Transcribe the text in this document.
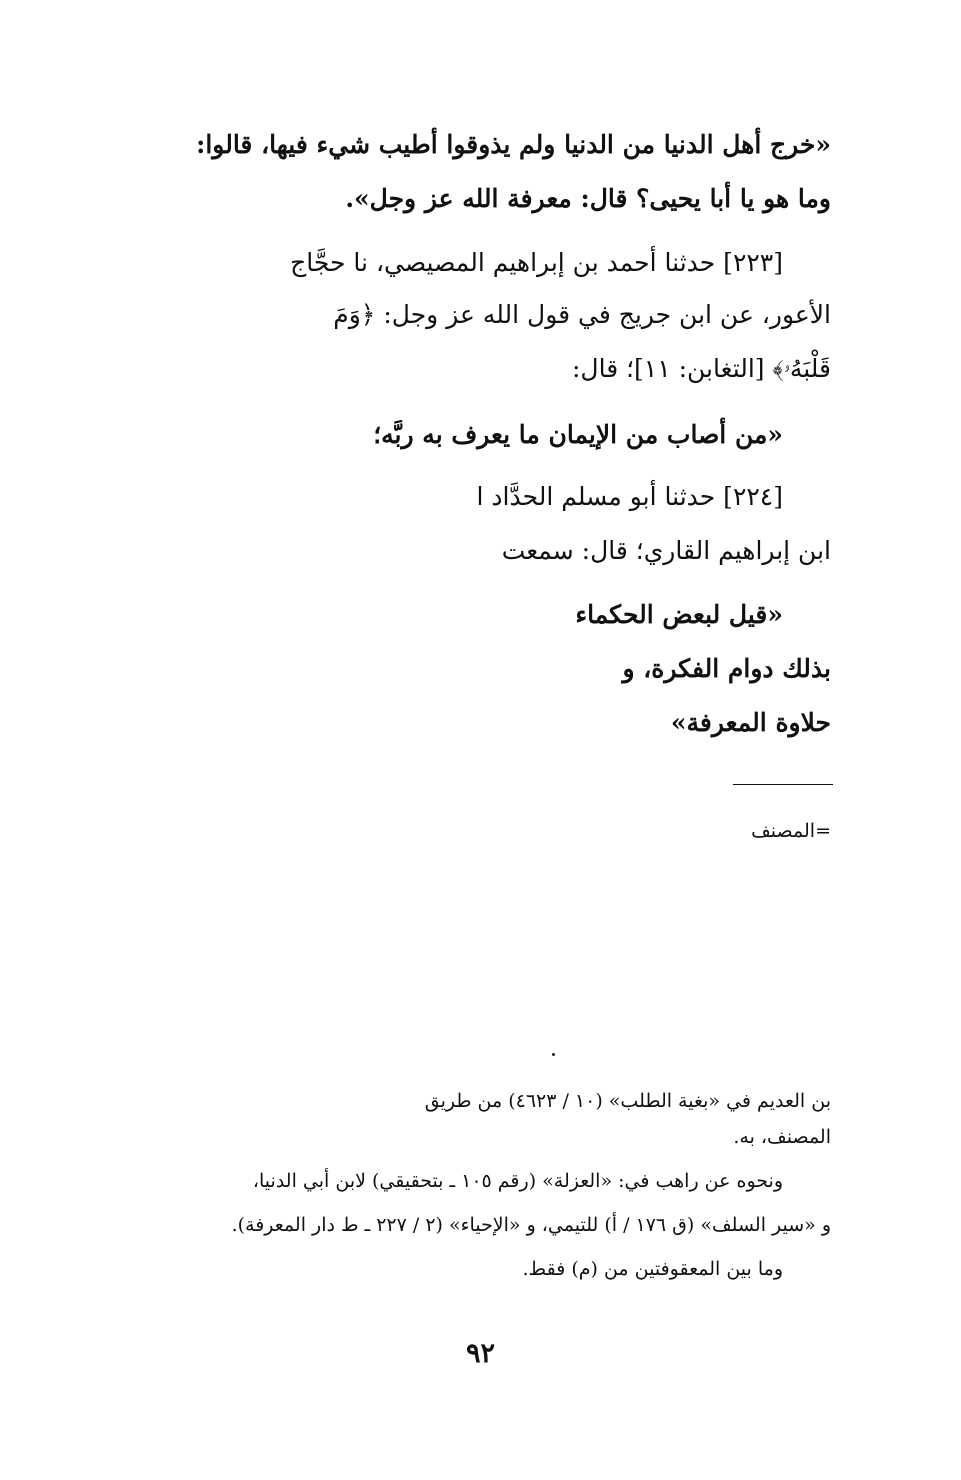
«خرج أهل الدنيا من الدنيا ولم يذوقوا أطيب شيء فيها، قالوا:
وما هو يا أبا يحيى؟ قال: معرفة الله عز وجل».
[٢٢٣] حدثنا أحمد بن إبراهيم المصيصي، نا حجَّاج
الأعور، عن ابن جريج في قول الله عز وجل: ﴿وَمَ
قَلْبَهُۥ﴾ [التغابن: ١١]؛ قال:
«من أصاب من الإيمان ما يعرف به ربَّه؛
[٢٢٤] حدثنا أبو مسلم الحدَّاد ا
ابن إبراهيم القاري؛ قال: سمعت
«قيل لبعض الحكماء
بذلك دوام الفكرة، و
حلاوة المعرفة»
=المصنف
بن العديم في «بغية الطلب» (١٠ / ٤٦٢٣) من طريق
المصنف، به.
ونحوه عن راهب في: «العزلة» (رقم ١٠٥ ـ بتحقيقي) لابن أبي الدنيا،
و «سير السلف» (ق ١٧٦ / أ) للتيمي، و «الإحياء» (٢ / ٢٢٧ ـ ط دار المعرفة).
وما بين المعقوفتين من (م) فقط.
٩٢
